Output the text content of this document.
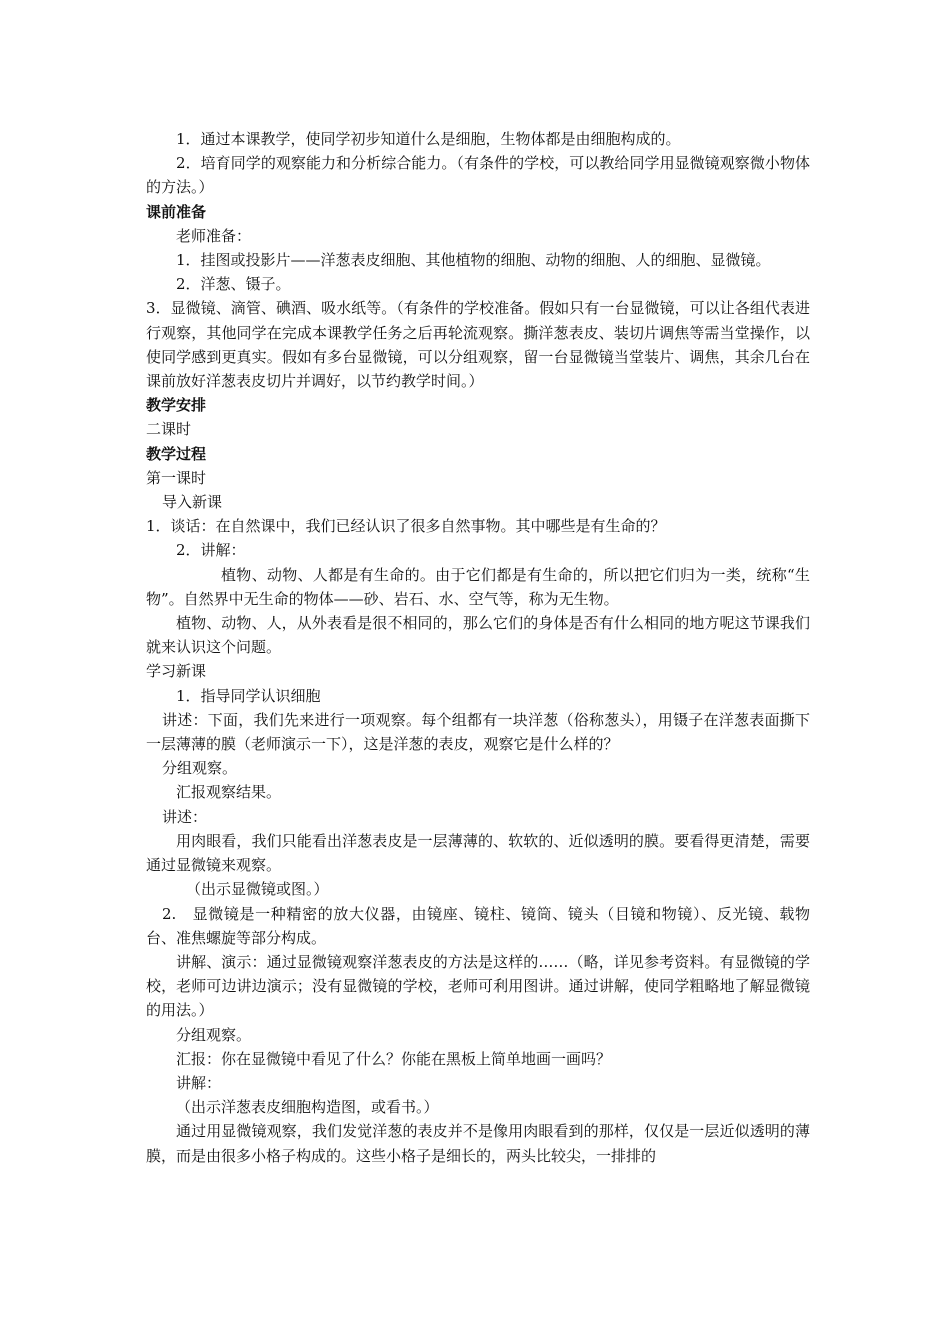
1．通过本课教学，使同学初步知道什么是细胞，生物体都是由细胞构成的。

2．培育同学的观察能力和分析综合能力。（有条件的学校，可以教给同学用显微镜观察微小物体的方法。）

课前准备

老师准备：

1．挂图或投影片——洋葱表皮细胞、其他植物的细胞、动物的细胞、人的细胞、显微镜。

2．洋葱、镊子。

3．显微镜、滴管、碘酒、吸水纸等。（有条件的学校准备。假如只有一台显微镜，可以让各组代表进行观察，其他同学在完成本课教学任务之后再轮流观察。撕洋葱表皮、装切片调焦等需当堂操作，以使同学感到更真实。假如有多台显微镜，可以分组观察，留一台显微镜当堂装片、调焦，其余几台在课前放好洋葱表皮切片并调好，以节约教学时间。）

教学安排

二课时

教学过程

第一课时

导入新课

1．谈话：在自然课中，我们已经认识了很多自然事物。其中哪些是有生命的？

2．讲解：

植物、动物、人都是有生命的。由于它们都是有生命的，所以把它们归为一类，统称“生物”。自然界中无生命的物体——砂、岩石、水、空气等，称为无生物。

植物、动物、人，从外表看是很不相同的，那么它们的身体是否有什么相同的地方呢这节课我们就来认识这个问题。

学习新课

1．指导同学认识细胞

讲述：下面，我们先来进行一项观察。每个组都有一块洋葱（俗称葱头），用镊子在洋葱表面撕下一层薄薄的膜（老师演示一下），这是洋葱的表皮，观察它是什么样的？

分组观察。

汇报观察结果。

讲述：

用肉眼看，我们只能看出洋葱表皮是一层薄薄的、软软的、近似透明的膜。要看得更清楚，需要通过显微镜来观察。

（出示显微镜或图。）

2.　显微镜是一种精密的放大仪器，由镜座、镜柱、镜筒、镜头（目镜和物镜）、反光镜、载物台、准焦螺旋等部分构成。

讲解、演示：通过显微镜观察洋葱表皮的方法是这样的……（略，详见参考资料。有显微镜的学校，老师可边讲边演示；没有显微镜的学校，老师可利用图讲。通过讲解，使同学粗略地了解显微镜的用法。）

分组观察。

汇报：你在显微镜中看见了什么？你能在黑板上简单地画一画吗？

讲解：

（出示洋葱表皮细胞构造图，或看书。）

通过用显微镜观察，我们发觉洋葱的表皮并不是像用肉眼看到的那样，仅仅是一层近似透明的薄膜，而是由很多小格子构成的。这些小格子是细长的，两头比较尖，一排排的
